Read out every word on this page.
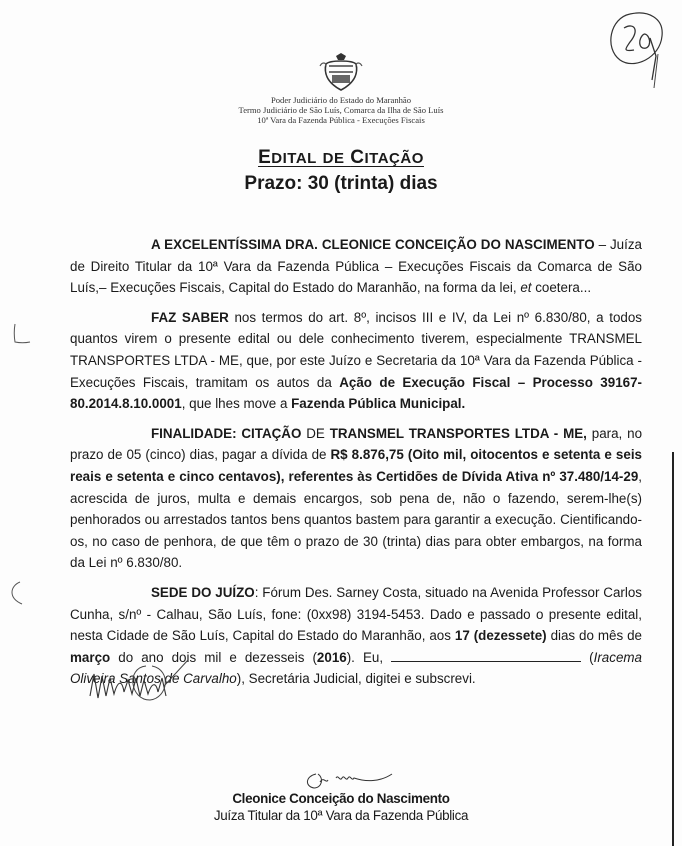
Poder Judiciário do Estado do Maranhão
Termo Judiciário de São Luís, Comarca da Ilha de São Luís
10ª Vara da Fazenda Pública - Execuções Fiscais
EDITAL DE CITAÇÃO
Prazo: 30 (trinta) dias

A EXCELENTÍSSIMA DRA. CLEONICE CONCEIÇÃO DO NASCIMENTO – Juíza de Direito Titular da 10ª Vara da Fazenda Pública – Execuções Fiscais da Comarca de São Luís,– Execuções Fiscais, Capital do Estado do Maranhão, na forma da lei, et coetera...

FAZ SABER nos termos do art. 8º, incisos III e IV, da Lei nº 6.830/80, a todos quantos virem o presente edital ou dele conhecimento tiverem, especialmente TRANSMEL TRANSPORTES LTDA - ME, que, por este Juízo e Secretaria da 10ª Vara da Fazenda Pública - Execuções Fiscais, tramitam os autos da Ação de Execução Fiscal – Processo 39167-80.2014.8.10.0001, que lhes move a Fazenda Pública Municipal.

FINALIDADE: CITAÇÃO DE TRANSMEL TRANSPORTES LTDA - ME, para, no prazo de 05 (cinco) dias, pagar a dívida de R$ 8.876,75 (Oito mil, oitocentos e setenta e seis reais e setenta e cinco centavos), referentes às Certidões de Dívida Ativa nº 37.480/14-29, acrescida de juros, multa e demais encargos, sob pena de, não o fazendo, serem-lhe(s) penhorados ou arrestados tantos bens quantos bastem para garantir a execução. Cientificando-os, no caso de penhora, de que têm o prazo de 30 (trinta) dias para obter embargos, na forma da Lei nº 6.830/80.

SEDE DO JUÍZO: Fórum Des. Sarney Costa, situado na Avenida Professor Carlos Cunha, s/nº - Calhau, São Luís, fone: (0xx98) 3194-5453. Dado e passado o presente edital, nesta Cidade de São Luís, Capital do Estado do Maranhão, aos 17 (dezessete) dias do mês de março do ano dois mil e dezesseis (2016). Eu,	(Iracema Oliveira Santos de Carvalho), Secretária Judicial, digitei e subscrevi.

Cleonice Conceição do Nascimento
Juíza Titular da 10ª Vara da Fazenda Pública
